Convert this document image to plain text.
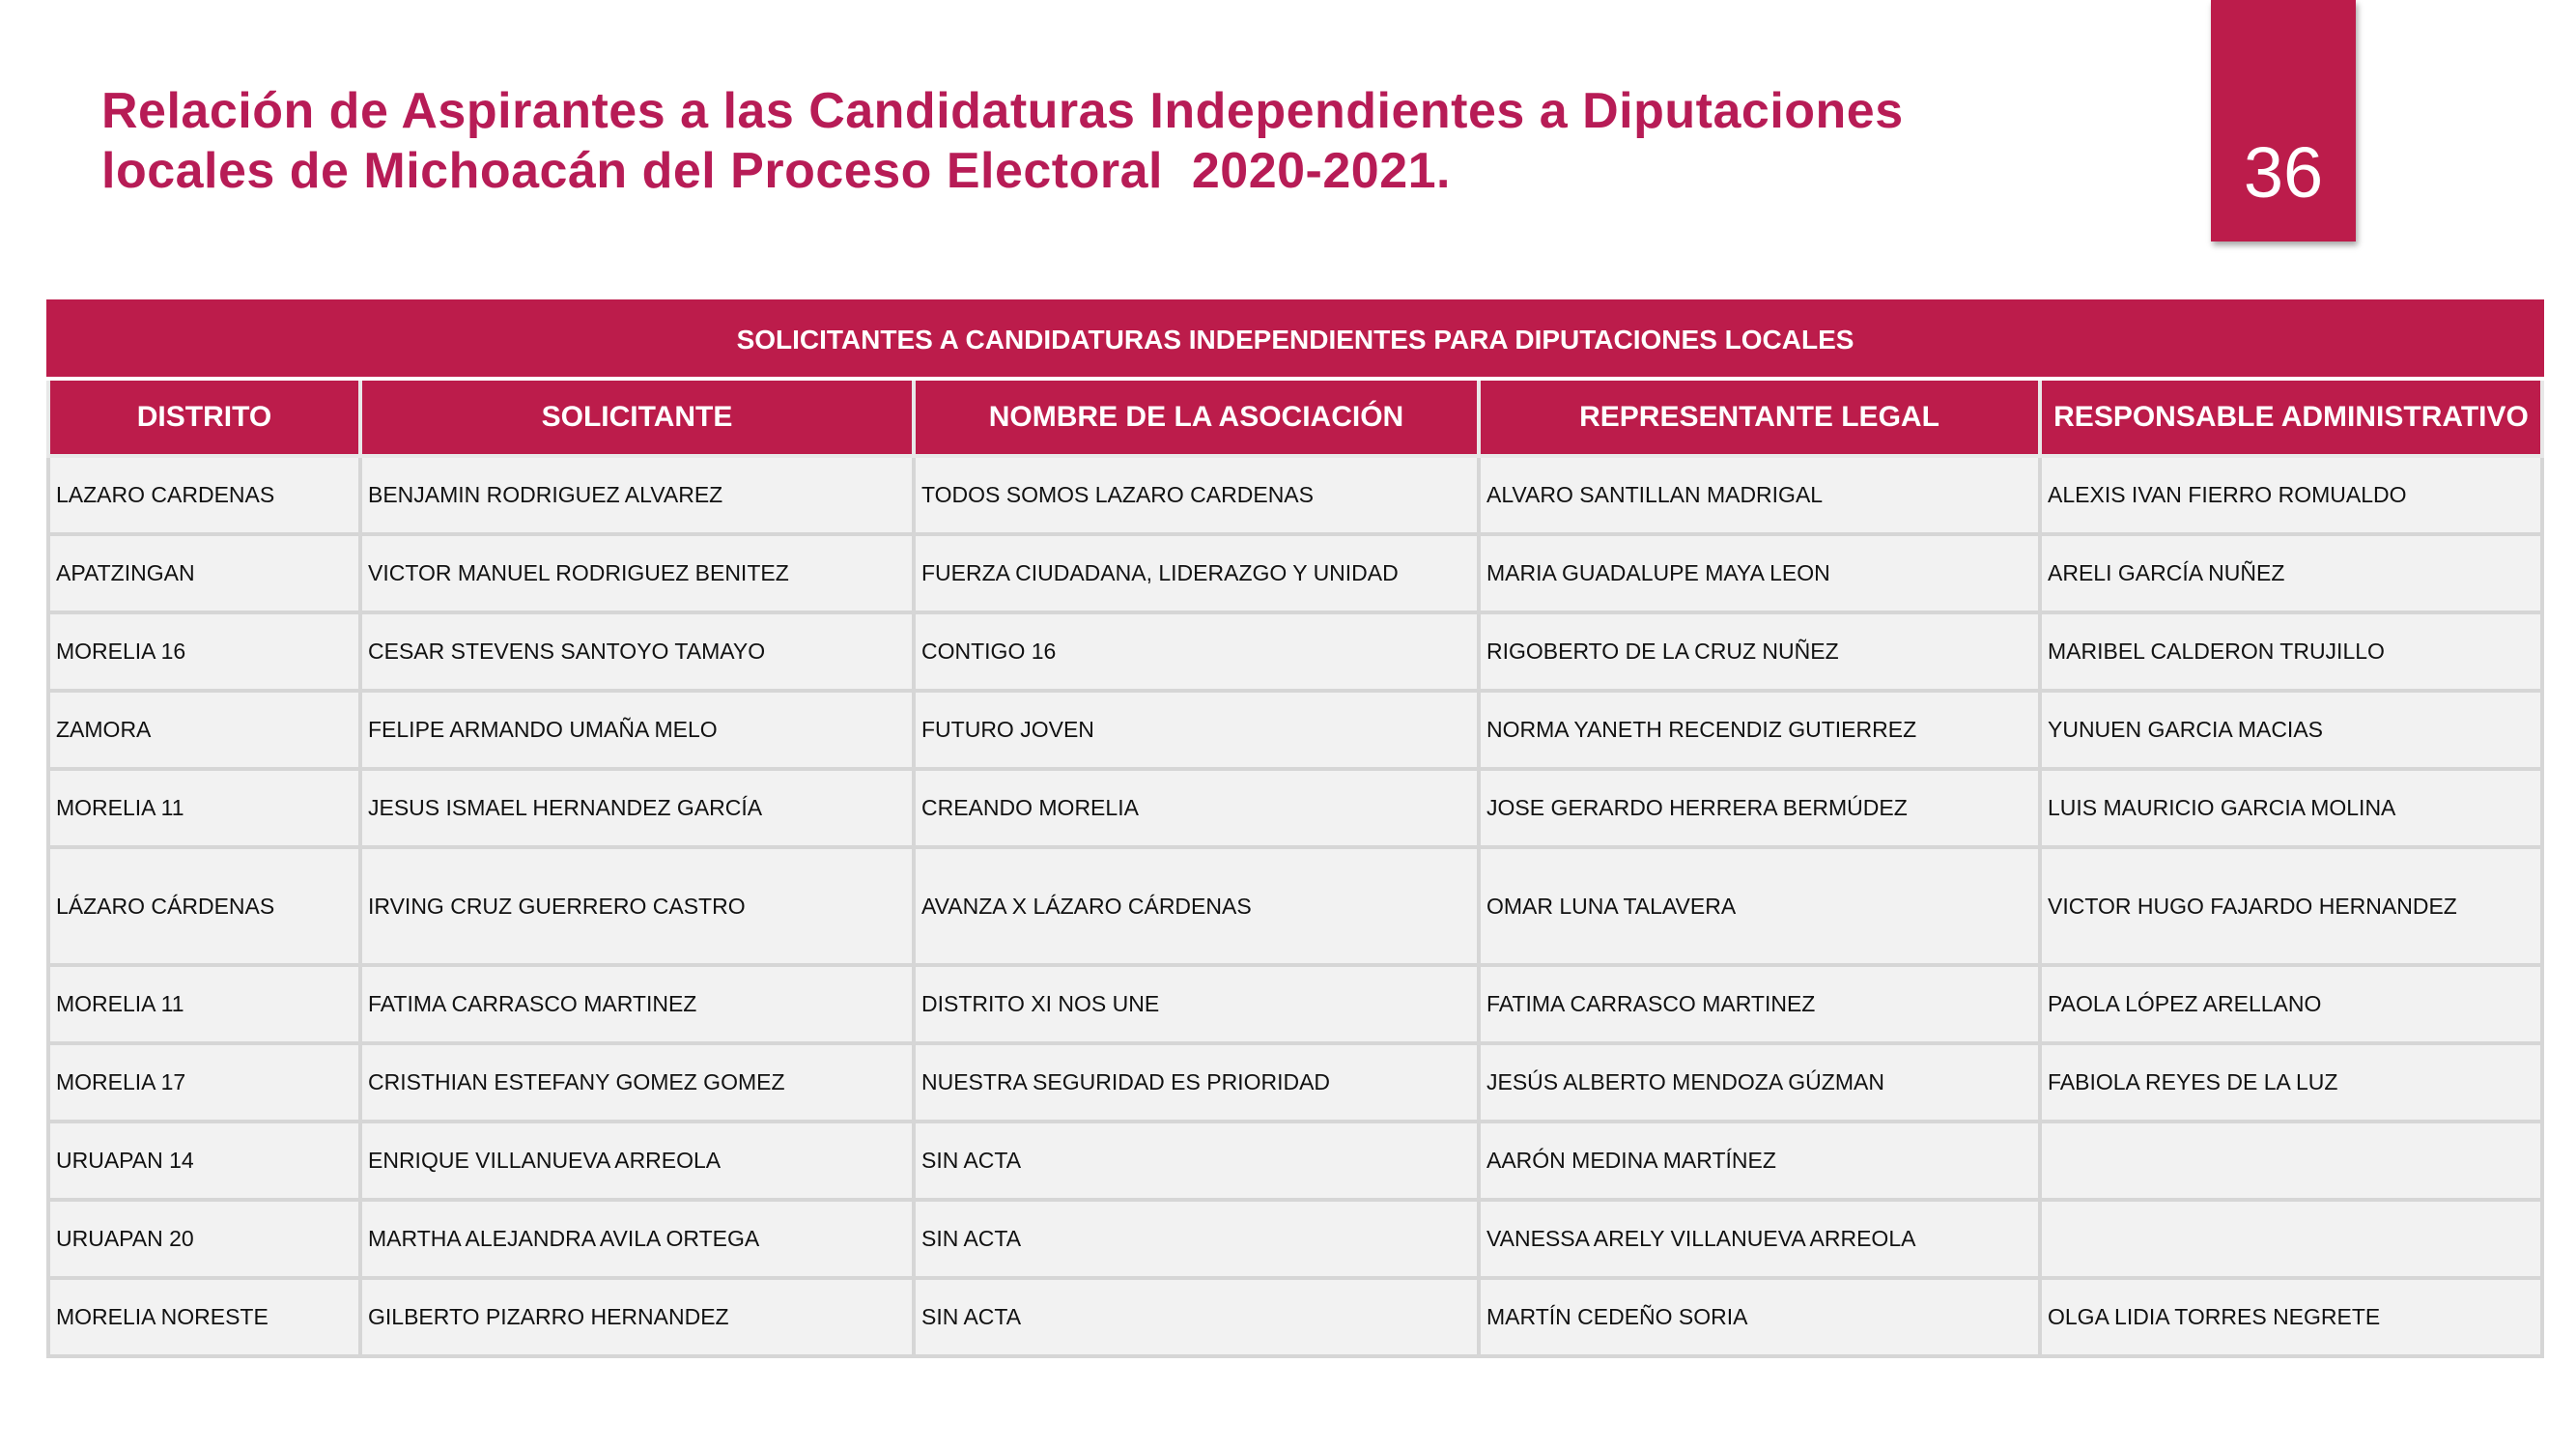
Relación de Aspirantes a las Candidaturas Independientes a Diputaciones
locales de Michoacán del Proceso Electoral  2020-2021.	36
SOLICITANTES A CANDIDATURAS INDEPENDIENTES PARA DIPUTACIONES LOCALES				
DISTRITO	SOLICITANTE	NOMBRE DE LA ASOCIACIÓN	REPRESENTANTE LEGAL	RESPONSABLE ADMINISTRATIVO
LAZARO CARDENAS	BENJAMIN RODRIGUEZ ALVAREZ	TODOS SOMOS LAZARO CARDENAS	ALVARO SANTILLAN MADRIGAL	ALEXIS IVAN FIERRO ROMUALDO
APATZINGAN	VICTOR MANUEL RODRIGUEZ BENITEZ	FUERZA CIUDADANA, LIDERAZGO Y UNIDAD	MARIA GUADALUPE MAYA LEON	ARELI GARCÍA NUÑEZ
MORELIA 16	CESAR STEVENS SANTOYO TAMAYO	CONTIGO 16	RIGOBERTO DE LA CRUZ NUÑEZ	MARIBEL CALDERON TRUJILLO
ZAMORA	FELIPE ARMANDO UMAÑA MELO	FUTURO JOVEN	NORMA YANETH RECENDIZ GUTIERREZ	YUNUEN GARCIA MACIAS
MORELIA 11	JESUS ISMAEL HERNANDEZ GARCÍA	CREANDO MORELIA	JOSE GERARDO HERRERA BERMÚDEZ	LUIS MAURICIO GARCIA MOLINA
LÁZARO CÁRDENAS	IRVING CRUZ GUERRERO CASTRO	AVANZA X LÁZARO CÁRDENAS	OMAR LUNA TALAVERA	VICTOR HUGO FAJARDO HERNANDEZ
MORELIA 11	FATIMA CARRASCO MARTINEZ	DISTRITO XI NOS UNE	FATIMA CARRASCO MARTINEZ	PAOLA LÓPEZ ARELLANO
MORELIA 17	CRISTHIAN ESTEFANY GOMEZ GOMEZ	NUESTRA SEGURIDAD ES PRIORIDAD	JESÚS ALBERTO MENDOZA GÚZMAN	FABIOLA REYES DE LA LUZ
URUAPAN 14	ENRIQUE VILLANUEVA ARREOLA	SIN ACTA	AARÓN MEDINA MARTÍNEZ	
URUAPAN 20	MARTHA ALEJANDRA AVILA ORTEGA	SIN ACTA	VANESSA ARELY VILLANUEVA ARREOLA	
MORELIA NORESTE	GILBERTO PIZARRO HERNANDEZ	SIN ACTA	MARTÍN CEDEÑO SORIA	OLGA LIDIA TORRES NEGRETE
